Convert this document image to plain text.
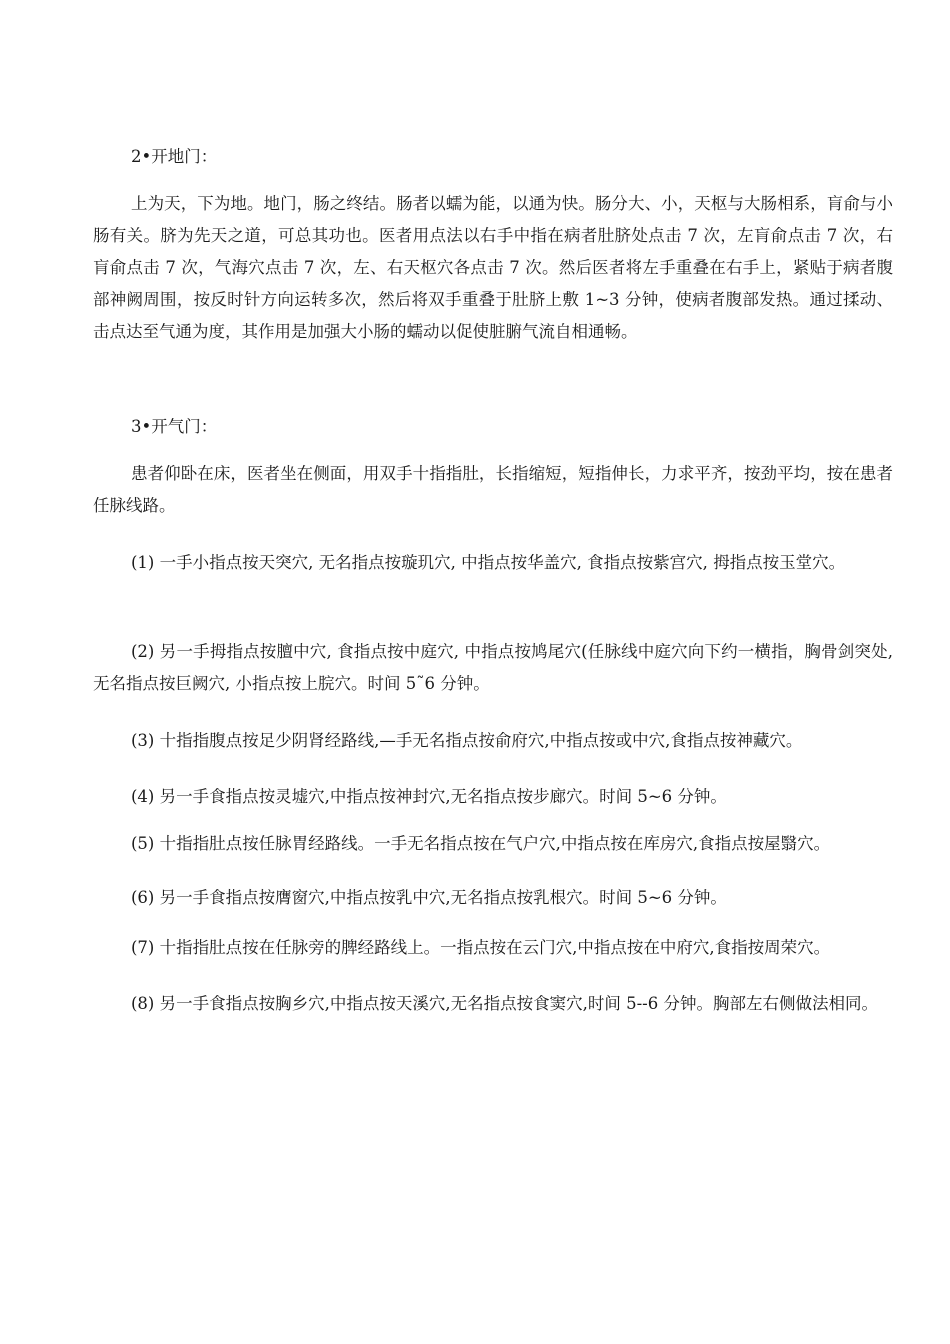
2•开地门：

上为天，下为地。地门，肠之终结。肠者以蠕为能，以通为快。肠分大、小，天枢与大肠相系，肓俞与小肠有关。脐为先天之道，可总其功也。医者用点法以右手中指在病者肚脐处点击 7 次，左肓俞点击 7 次，右肓俞点击 7 次，气海穴点击 7 次，左、右天枢穴各点击 7 次。然后医者将左手重叠在右手上，紧贴于病者腹部神阙周围，按反时针方向运转多次，然后将双手重叠于肚脐上敷 1~3 分钟，使病者腹部发热。通过揉动、击点达至气通为度，其作用是加强大小肠的蠕动以促使脏腑气流自相通畅。

3•开气门：

患者仰卧在床，医者坐在侧面，用双手十指指肚，长指缩短，短指伸长，力求平齐，按劲平均，按在患者任脉线路。

(1) 一手小指点按天突穴, 无名指点按璇玑穴, 中指点按华盖穴, 食指点按紫宫穴, 拇指点按玉堂穴。

(2) 另一手拇指点按膻中穴, 食指点按中庭穴, 中指点按鸠尾穴(任脉线中庭穴向下约一横指，胸骨剑突处, 无名指点按巨阙穴, 小指点按上脘穴。时间 5˜6 分钟。

(3) 十指指腹点按足少阴肾经路线,—手无名指点按俞府穴,中指点按或中穴,食指点按神藏穴。

(4) 另一手食指点按灵墟穴,中指点按神封穴,无名指点按步廊穴。时间 5~6 分钟。

(5) 十指指肚点按任脉胃经路线。一手无名指点按在气户穴,中指点按在库房穴,食指点按屋翳穴。

(6) 另一手食指点按膺窗穴,中指点按乳中穴,无名指点按乳根穴。时间 5~6 分钟。

(7) 十指指肚点按在任脉旁的脾经路线上。一指点按在云门穴,中指点按在中府穴,食指按周荣穴。

(8) 另一手食指点按胸乡穴,中指点按天溪穴,无名指点按食窦穴,时间 5--6 分钟。胸部左右侧做法相同。
